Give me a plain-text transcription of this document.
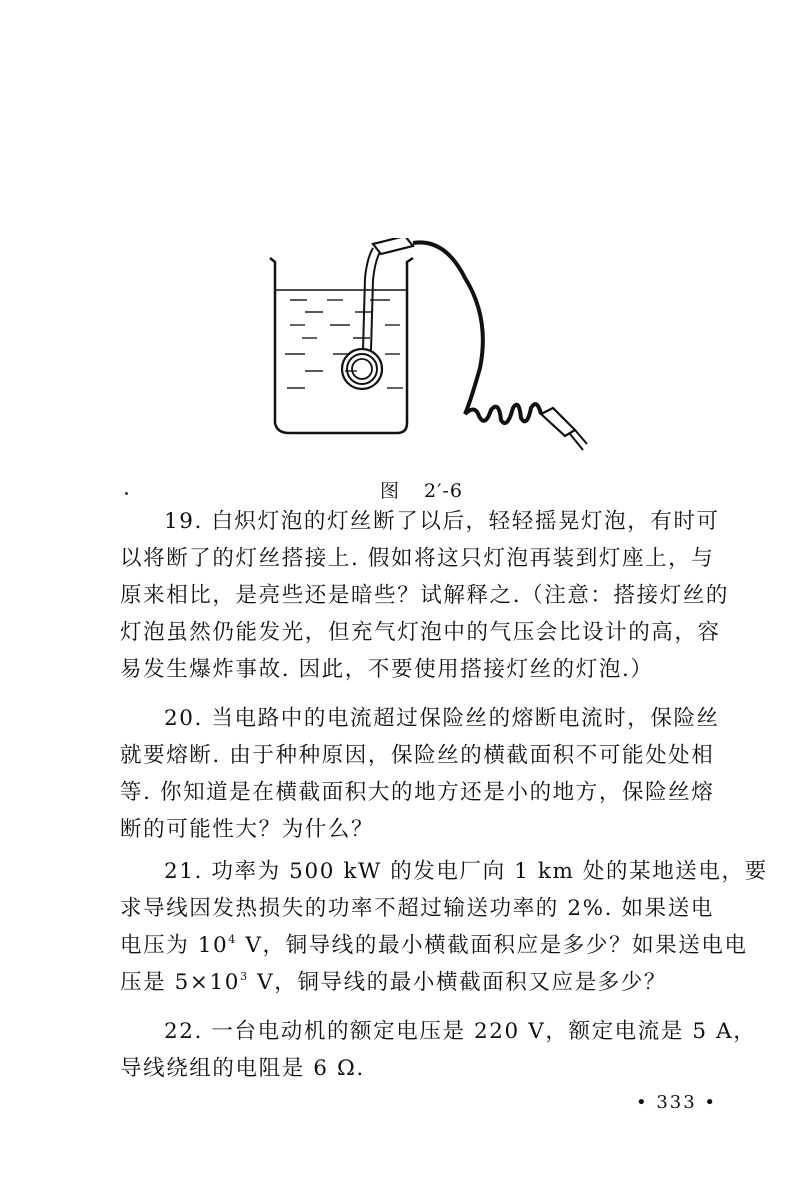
图 2′-6
19. 白炽灯泡的灯丝断了以后，轻轻摇晃灯泡，有时可
以将断了的灯丝搭接上. 假如将这只灯泡再装到灯座上，与
原来相比，是亮些还是暗些？试解释之.（注意：搭接灯丝的
灯泡虽然仍能发光，但充气灯泡中的气压会比设计的高，容
易发生爆炸事故. 因此，不要使用搭接灯丝的灯泡.）
20. 当电路中的电流超过保险丝的熔断电流时，保险丝
就要熔断. 由于种种原因，保险丝的横截面积不可能处处相
等. 你知道是在横截面积大的地方还是小的地方，保险丝熔
断的可能性大？为什么？
21. 功率为 500 kW 的发电厂向 1 km 处的某地送电，要
求导线因发热损失的功率不超过输送功率的 2%. 如果送电
电压为 $10^4$ V，铜导线的最小横截面积应是多少？如果送电电
压是 $5\times 10^3$ V，铜导线的最小横截面积又应是多少？
22. 一台电动机的额定电压是 220 V，额定电流是 5 A，
导线绕组的电阻是 6 Ω.
• 333 •
